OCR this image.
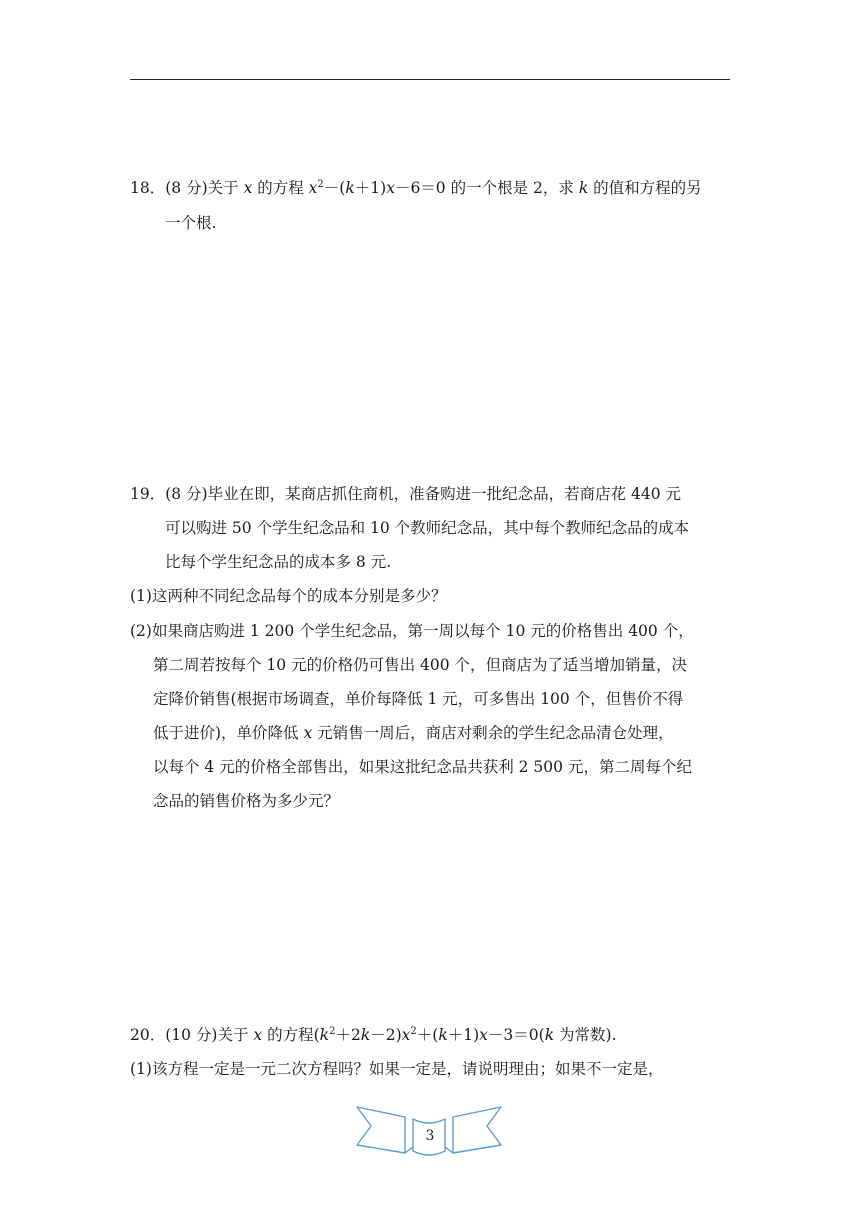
18．(8 分)关于 x 的方程 $x^2-(k+1)x-6=0$ 的一个根是 2，求 k 的值和方程的另
一个根.
19．(8 分)毕业在即，某商店抓住商机，准备购进一批纪念品，若商店花 440 元
可以购进 50 个学生纪念品和 10 个教师纪念品，其中每个教师纪念品的成本
比每个学生纪念品的成本多 8 元.
(1)这两种不同纪念品每个的成本分别是多少？
(2)如果商店购进 1 200 个学生纪念品，第一周以每个 10 元的价格售出 400 个，
第二周若按每个 10 元的价格仍可售出 400 个，但商店为了适当增加销量，决
定降价销售(根据市场调查，单价每降低 1 元，可多售出 100 个，但售价不得
低于进价)，单价降低 x 元销售一周后，商店对剩余的学生纪念品清仓处理，
以每个 4 元的价格全部售出，如果这批纪念品共获利 2 500 元，第二周每个纪
念品的销售价格为多少元？
20．(10 分)关于 x 的方程$(k^2+2k-2)x^2+(k+1)x-3=0(k$ 为常数).
(1)该方程一定是一元二次方程吗？如果一定是，请说明理由；如果不一定是，
3
